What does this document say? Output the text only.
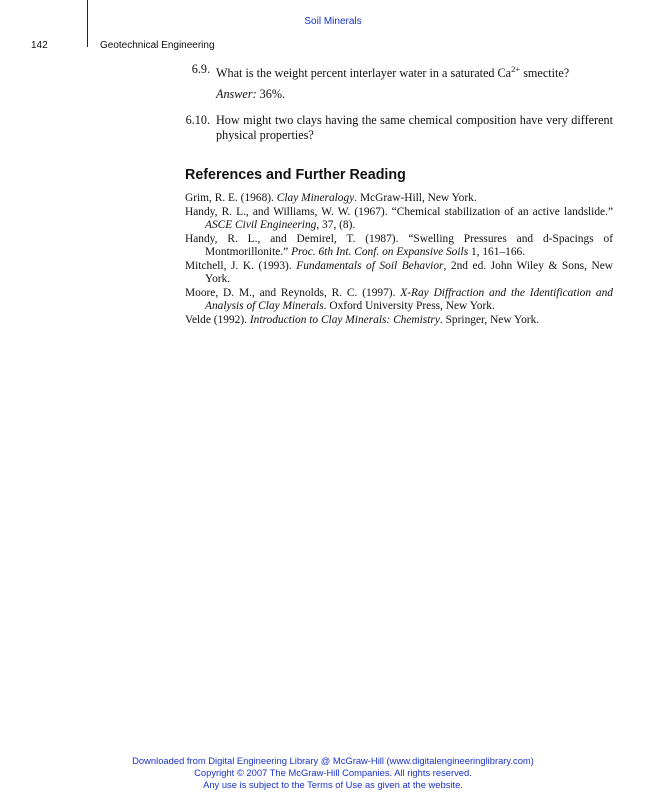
Soil Minerals
142	Geotechnical Engineering
6.9. What is the weight percent interlayer water in a saturated $Ca^{2+}$ smectite?
Answer: 36%.
6.10. How might two clays having the same chemical composition have very different physical properties?
References and Further Reading
Grim, R. E. (1968). Clay Mineralogy. McGraw-Hill, New York.
Handy, R. L., and Williams, W. W. (1967). “Chemical stabilization of an active landslide.” ASCE Civil Engineering, 37, (8).
Handy, R. L., and Demirel, T. (1987). “Swelling Pressures and d-Spacings of Montmorillonite.” Proc. 6th Int. Conf. on Expansive Soils 1, 161–166.
Mitchell, J. K. (1993). Fundamentals of Soil Behavior, 2nd ed. John Wiley & Sons, New York.
Moore, D. M., and Reynolds, R. C. (1997). X-Ray Diffraction and the Identification and Analysis of Clay Minerals. Oxford University Press, New York.
Velde (1992). Introduction to Clay Minerals: Chemistry. Springer, New York.
Downloaded from Digital Engineering Library @ McGraw-Hill (www.digitalengineeringlibrary.com)
Copyright © 2007 The McGraw-Hill Companies. All rights reserved.
Any use is subject to the Terms of Use as given at the website.
